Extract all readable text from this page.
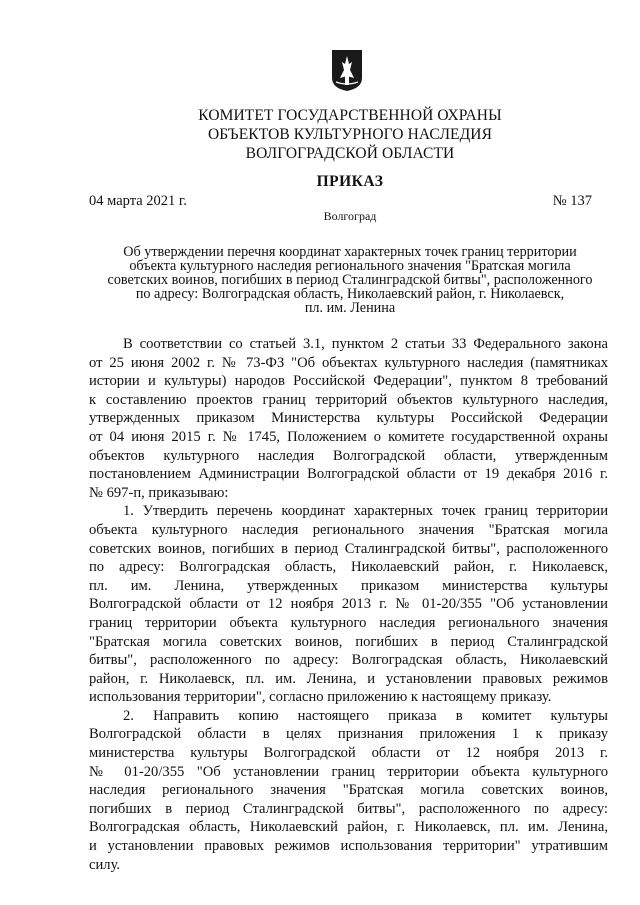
КОМИТЕТ ГОСУДАРСТВЕННОЙ ОХРАНЫ
ОБЪЕКТОВ КУЛЬТУРНОГО НАСЛЕДИЯ
ВОЛГОГРАДСКОЙ ОБЛАСТИ
ПРИКАЗ
04 марта 2021 г.	№ 137
Волгоград
Об утверждении перечня координат характерных точек границ территории
объекта культурного наследия регионального значения "Братская могила
советских воинов, погибших в период Сталинградской битвы", расположенного
по адресу: Волгоградская область, Николаевский район, г. Николаевск,
пл. им. Ленина
В соответствии со статьей 3.1, пунктом 2 статьи 33 Федерального закона
от 25 июня 2002 г. № 73-ФЗ "Об объектах культурного наследия (памятниках
истории и культуры) народов Российской Федерации", пунктом 8 требований
к составлению проектов границ территорий объектов культурного наследия,
утвержденных приказом Министерства культуры Российской Федерации
от 04 июня 2015 г. № 1745, Положением о комитете государственной охраны
объектов культурного наследия Волгоградской области, утвержденным
постановлением Администрации Волгоградской области от 19 декабря 2016 г.
№ 697-п, приказываю:
1. Утвердить перечень координат характерных точек границ территории
объекта культурного наследия регионального значения "Братская могила
советских воинов, погибших в период Сталинградской битвы", расположенного
по адресу: Волгоградская область, Николаевский район, г. Николаевск,
пл. им. Ленина, утвержденных приказом министерства культуры
Волгоградской области от 12 ноября 2013 г. № 01-20/355 "Об установлении
границ территории объекта культурного наследия регионального значения
"Братская могила советских воинов, погибших в период Сталинградской
битвы", расположенного по адресу: Волгоградская область, Николаевский
район, г. Николаевск, пл. им. Ленина, и установлении правовых режимов
использования территории", согласно приложению к настоящему приказу.
2. Направить копию настоящего приказа в комитет культуры
Волгоградской области в целях признания приложения 1 к приказу
министерства культуры Волгоградской области от 12 ноября 2013 г.
№ 01-20/355 "Об установлении границ территории объекта культурного
наследия регионального значения "Братская могила советских воинов,
погибших в период Сталинградской битвы", расположенного по адресу:
Волгоградская область, Николаевский район, г. Николаевск, пл. им. Ленина,
и установлении правовых режимов использования территории" утратившим
силу.
